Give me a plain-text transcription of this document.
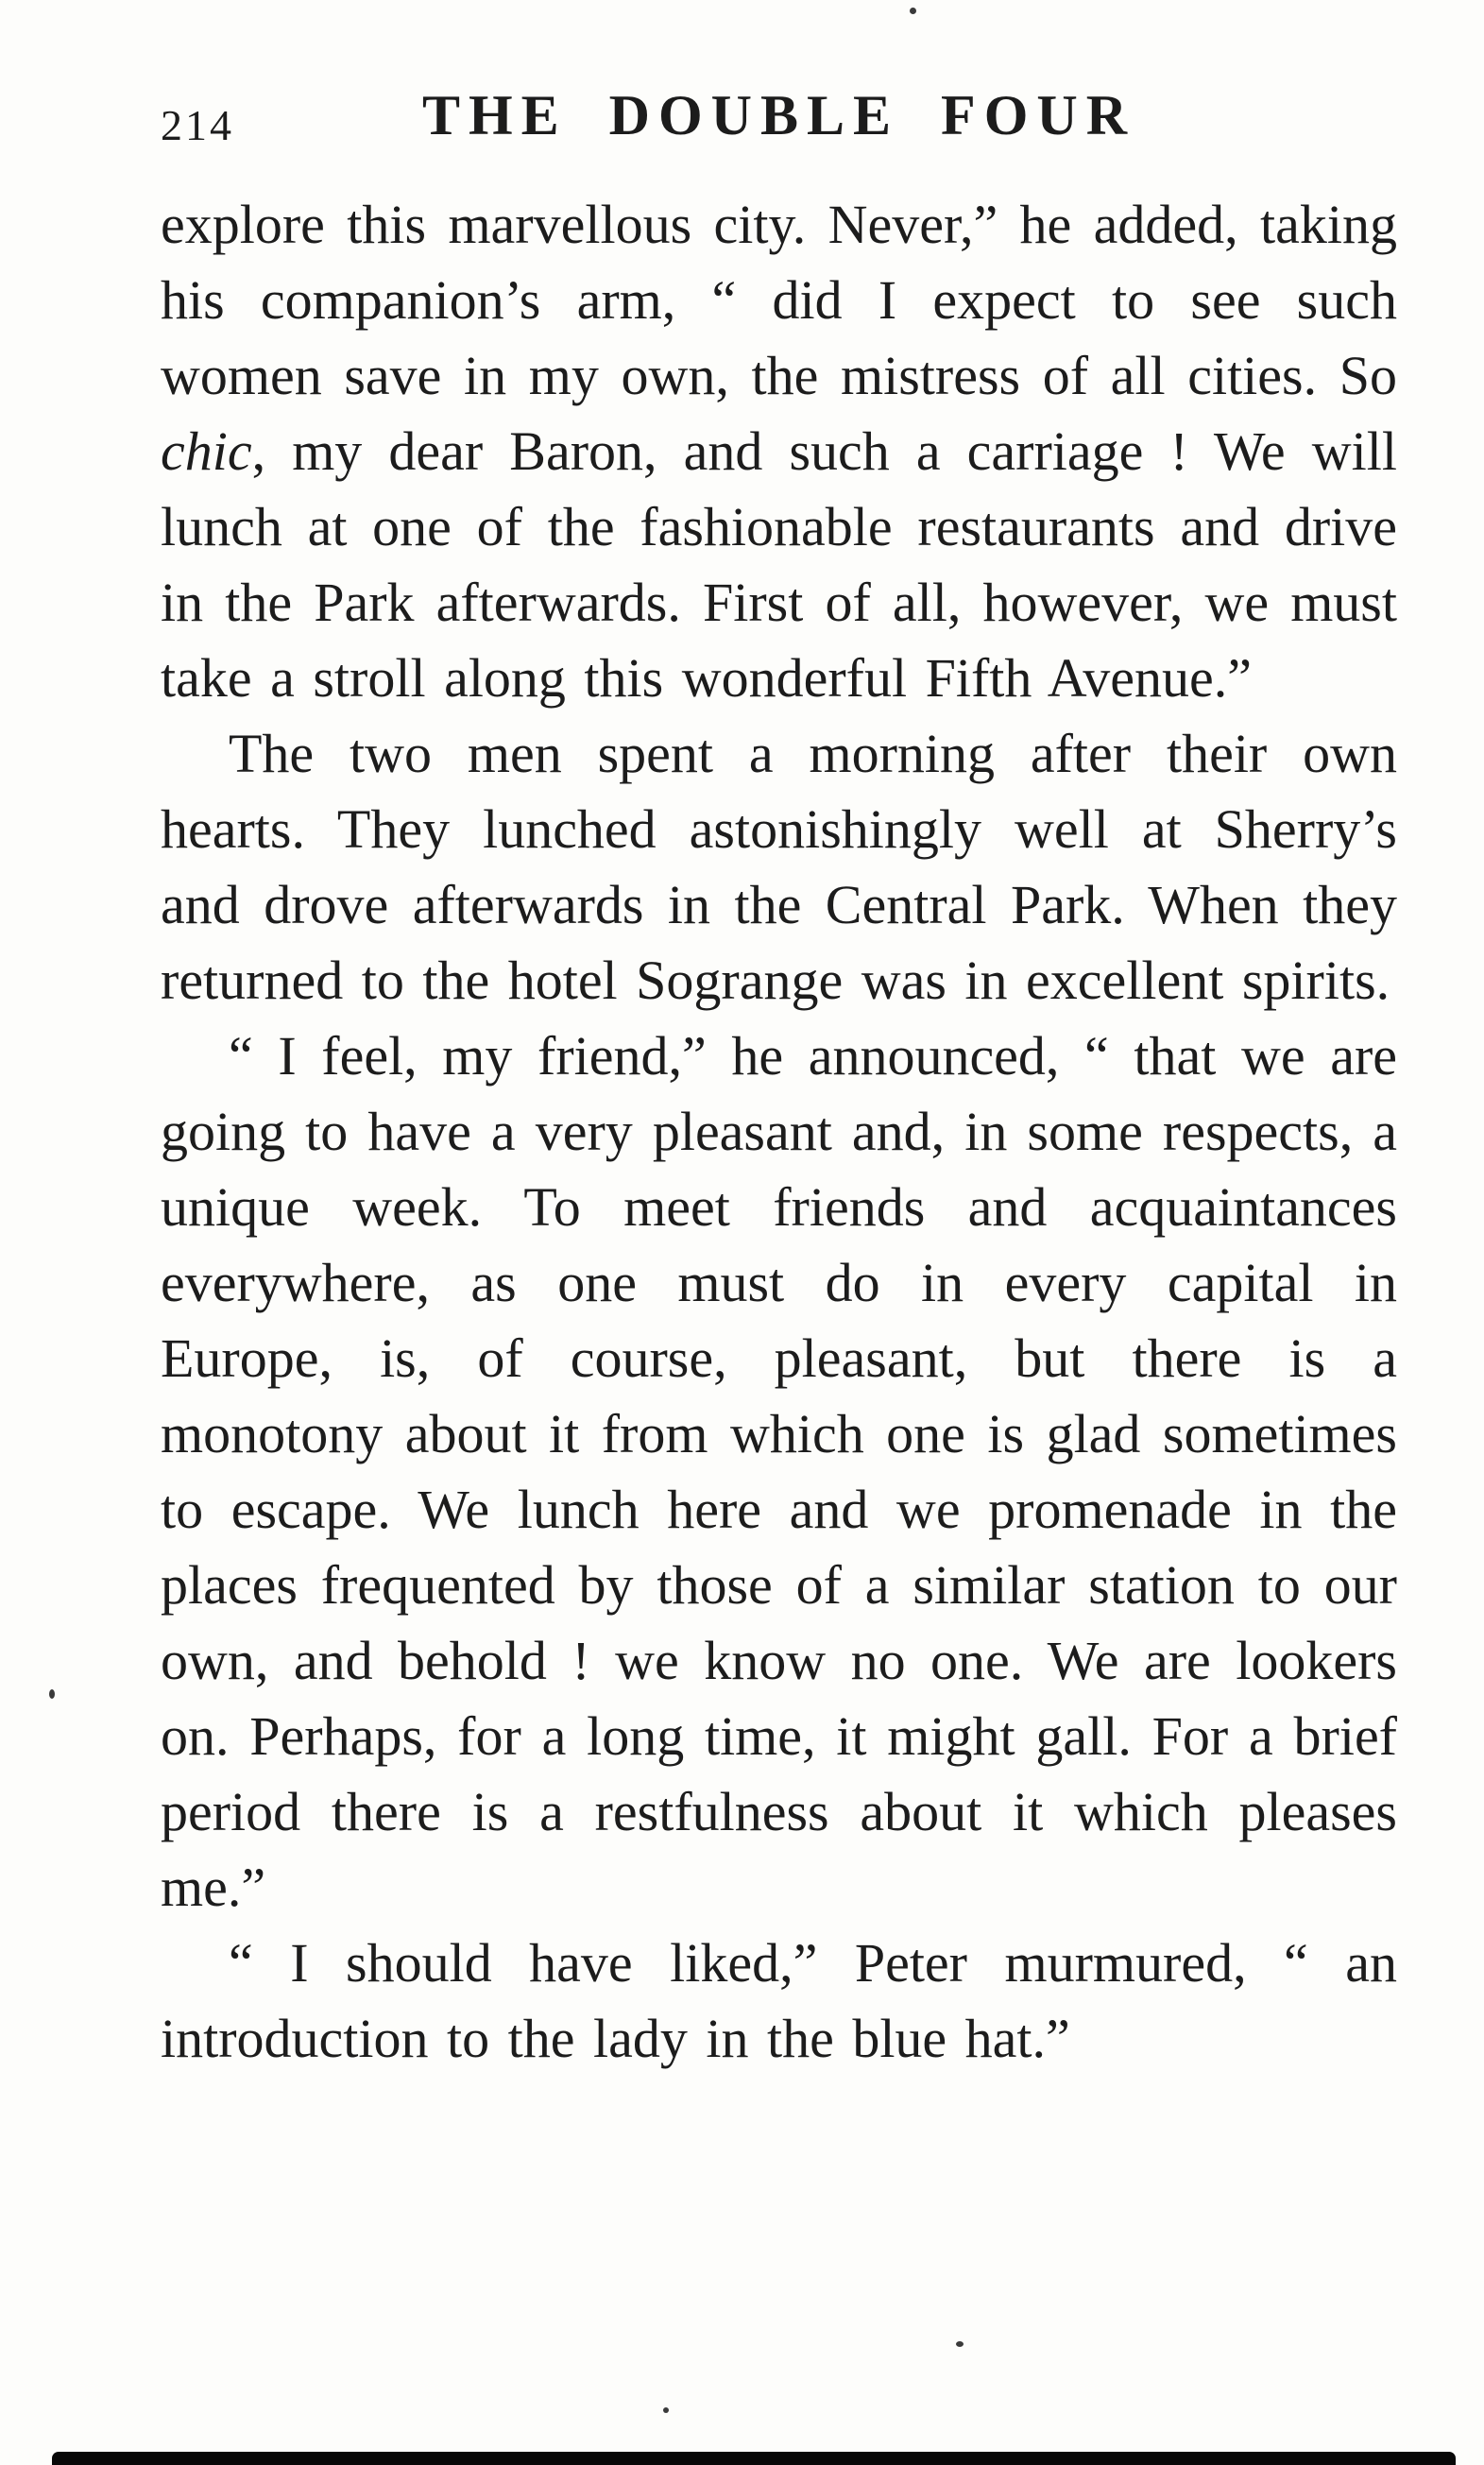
214	THE DOUBLE FOUR

explore this marvellous city. Never,” he added, taking his companion’s arm, “ did I expect to see such women save in my own, the mistress of all cities. So chic, my dear Baron, and such a carriage ! We will lunch at one of the fashionable restaurants and drive in the Park afterwards. First of all, however, we must take a stroll along this wonderful Fifth Avenue.”

The two men spent a morning after their own hearts. They lunched astonishingly well at Sherry’s and drove afterwards in the Central Park. When they returned to the hotel Sogrange was in excellent spirits.

“ I feel, my friend,” he announced, “ that we are going to have a very pleasant and, in some respects, a unique week. To meet friends and acquaintances everywhere, as one must do in every capital in Europe, is, of course, pleasant, but there is a monotony about it from which one is glad sometimes to escape. We lunch here and we promenade in the places frequented by those of a similar station to our own, and behold ! we know no one. We are lookers on. Perhaps, for a long time, it might gall. For a brief period there is a restfulness about it which pleases me.”

“ I should have liked,” Peter murmured, “ an introduction to the lady in the blue hat.”
